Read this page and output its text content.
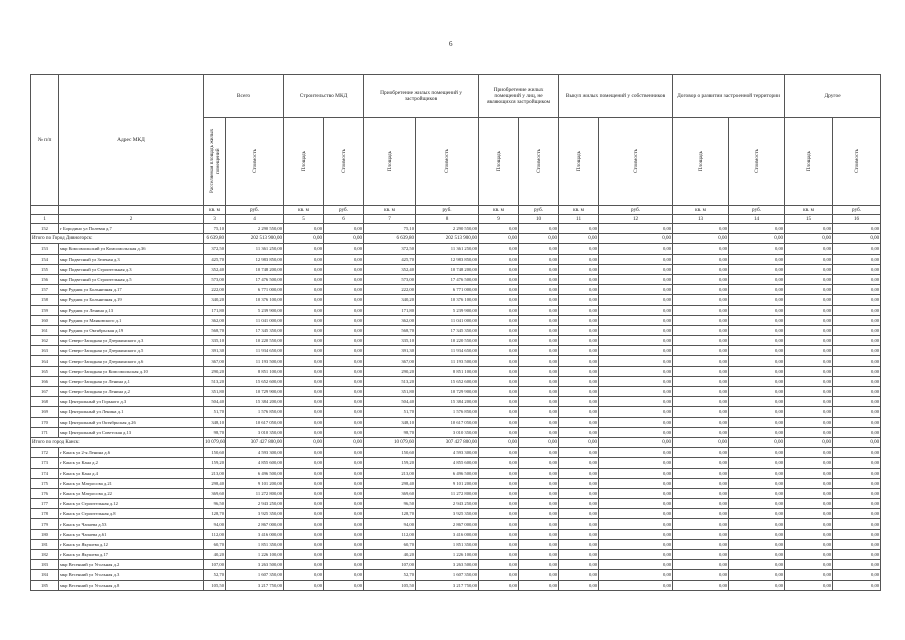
6
№ п/п	Адрес МКД	Всего		Строительство МКД		Приобретение жилых помещений у застройщиков		Приобретение жилых помещений у лиц, не являющихся застройщиком		Выкуп жилых помещений у собственников		Договор о развитии застроенной территории		Другое	
		Расселяемая площадь жилых помещений	Стоимость	Площадь	Стоимость	Площадь	Стоимость	Площадь	Стоимость	Площадь	Стоимость	Площадь	Стоимость	Площадь	Стоимость
		кв. м	руб.	кв. м	руб.	кв. м	руб.	кв. м	руб.	кв. м	руб.	кв. м	руб.	кв. м	руб.
1	2	3	4	5	6	7	8	9	10	11	12	13	14	15	16
152	г Бородино ул Полевая д.7	75,10	2 290 550,00	0,00	0,00	75,10	2 290 550,00	0,00	0,00	0,00	0,00	0,00	0,00	0,00	0,00
Итого по Город Дивногорск:		6 639,80	202 513 900,00	0,00	0,00	6 639,80	202 513 900,00	0,00	0,00	0,00	0,00	0,00	0,00	0,00	0,00
153	мкр Комсомольский ул Комсомольская д.36	372,50	11 361 250,00	0,00	0,00	372,50	11 361 250,00	0,00	0,00	0,00	0,00	0,00	0,00	0,00	0,00
154	мкр Подвесный ул Зеленая д.3	425,70	12 983 850,00	0,00	0,00	425,70	12 983 850,00	0,00	0,00	0,00	0,00	0,00	0,00	0,00	0,00
155	мкр Подвесный ул Строительная д.3	352,40	10 748 200,00	0,00	0,00	352,40	10 748 200,00	0,00	0,00	0,00	0,00	0,00	0,00	0,00	0,00
156	мкр Подвесный ул Строительная д.5	573,00	17 476 500,00	0,00	0,00	573,00	17 476 500,00	0,00	0,00	0,00	0,00	0,00	0,00	0,00	0,00
157	мкр Рудник ул Больничная д.17	222,00	6 771 000,00	0,00	0,00	222,00	6 771 000,00	0,00	0,00	0,00	0,00	0,00	0,00	0,00	0,00
158	мкр Рудник ул Больничная д.19	340,20	10 376 100,00	0,00	0,00	340,20	10 376 100,00	0,00	0,00	0,00	0,00	0,00	0,00	0,00	0,00
159	мкр Рудник ул Ленина д.13	171,80	5 239 900,00	0,00	0,00	171,80	5 239 900,00	0,00	0,00	0,00	0,00	0,00	0,00	0,00	0,00
160	мкр Рудник ул Маяковского д.1	362,00	11 041 000,00	0,00	0,00	362,00	11 041 000,00	0,00	0,00	0,00	0,00	0,00	0,00	0,00	0,00
161	мкр Рудник ул Октябрьская д.19	568,70	17 345 350,00	0,00	0,00	568,70	17 345 350,00	0,00	0,00	0,00	0,00	0,00	0,00	0,00	0,00
162	мкр Северо-Западная ул Дзержинского д.3	335,10	10 220 550,00	0,00	0,00	335,10	10 220 550,00	0,00	0,00	0,00	0,00	0,00	0,00	0,00	0,00
163	мкр Северо-Западная ул Дзержинского д.5	391,30	11 934 650,00	0,00	0,00	391,30	11 934 650,00	0,00	0,00	0,00	0,00	0,00	0,00	0,00	0,00
164	мкр Северо-Западная ул Дзержинского д.6	367,00	11 193 500,00	0,00	0,00	367,00	11 193 500,00	0,00	0,00	0,00	0,00	0,00	0,00	0,00	0,00
165	мкр Северо-Западная ул Комсомольская д.10	290,20	8 851 100,00	0,00	0,00	290,20	8 851 100,00	0,00	0,00	0,00	0,00	0,00	0,00	0,00	0,00
166	мкр Северо-Западная ул Ленина д.1	513,20	15 652 600,00	0,00	0,00	513,20	15 652 600,00	0,00	0,00	0,00	0,00	0,00	0,00	0,00	0,00
167	мкр Северо-Западная ул Ленина д.2	351,80	10 729 900,00	0,00	0,00	351,80	10 729 900,00	0,00	0,00	0,00	0,00	0,00	0,00	0,00	0,00
168	мкр Центральный ул Горького д.3	504,40	15 384 200,00	0,00	0,00	504,40	15 384 200,00	0,00	0,00	0,00	0,00	0,00	0,00	0,00	0,00
169	мкр Центральный ул Ленина д.1	51,70	1 576 850,00	0,00	0,00	51,70	1 576 850,00	0,00	0,00	0,00	0,00	0,00	0,00	0,00	0,00
170	мкр Центральный ул Октябрьская д.26	348,10	10 617 050,00	0,00	0,00	348,10	10 617 050,00	0,00	0,00	0,00	0,00	0,00	0,00	0,00	0,00
171	мкр Центральный ул Советская д.13	98,70	3 010 350,00	0,00	0,00	98,70	3 010 350,00	0,00	0,00	0,00	0,00	0,00	0,00	0,00	0,00
Итого по город Канск:		10 079,60	307 427 800,00	0,00	0,00	10 079,60	307 427 800,00	0,00	0,00	0,00	0,00	0,00	0,00	0,00	0,00
172	г Канск ул 2-я Ленина д.6	150,60	4 593 300,00	0,00	0,00	150,60	4 593 300,00	0,00	0,00	0,00	0,00	0,00	0,00	0,00	0,00
173	г Канск ул Кана д.2	159,20	4 855 600,00	0,00	0,00	159,20	4 855 600,00	0,00	0,00	0,00	0,00	0,00	0,00	0,00	0,00
174	г Канск ул Кана д.4	213,00	6 496 500,00	0,00	0,00	213,00	6 496 500,00	0,00	0,00	0,00	0,00	0,00	0,00	0,00	0,00
175	г Канск ул Матросова д.21	298,40	9 101 200,00	0,00	0,00	298,40	9 101 200,00	0,00	0,00	0,00	0,00	0,00	0,00	0,00	0,00
176	г Канск ул Матросова д.22	369,60	11 272 800,00	0,00	0,00	369,60	11 272 800,00	0,00	0,00	0,00	0,00	0,00	0,00	0,00	0,00
177	г Канск ул Строительная д.12	96,50	2 943 250,00	0,00	0,00	96,50	2 943 250,00	0,00	0,00	0,00	0,00	0,00	0,00	0,00	0,00
178	г Канск ул Строительная д.8	128,70	3 925 350,00	0,00	0,00	128,70	3 925 350,00	0,00	0,00	0,00	0,00	0,00	0,00	0,00	0,00
179	г Канск ул Чапаева д.53	94,00	2 867 000,00	0,00	0,00	94,00	2 867 000,00	0,00	0,00	0,00	0,00	0,00	0,00	0,00	0,00
180	г Канск ул Чапаева д.61	112,00	3 416 000,00	0,00	0,00	112,00	3 416 000,00	0,00	0,00	0,00	0,00	0,00	0,00	0,00	0,00
181	г Канск ул Якушева д.12	60,70	1 851 350,00	0,00	0,00	60,70	1 851 350,00	0,00	0,00	0,00	0,00	0,00	0,00	0,00	0,00
182	г Канск ул Якушева д.17	40,20	1 226 100,00	0,00	0,00	40,20	1 226 100,00	0,00	0,00	0,00	0,00	0,00	0,00	0,00	0,00
183	мкр Весенний ул Угольная д.2	107,00	3 263 500,00	0,00	0,00	107,00	3 263 500,00	0,00	0,00	0,00	0,00	0,00	0,00	0,00	0,00
184	мкр Весенний ул Угольная д.3	52,70	1 607 350,00	0,00	0,00	52,70	1 607 350,00	0,00	0,00	0,00	0,00	0,00	0,00	0,00	0,00
185	мкр Весенний ул Угольная д.8	105,50	3 217 750,00	0,00	0,00	105,50	3 217 750,00	0,00	0,00	0,00	0,00	0,00	0,00	0,00	0,00
